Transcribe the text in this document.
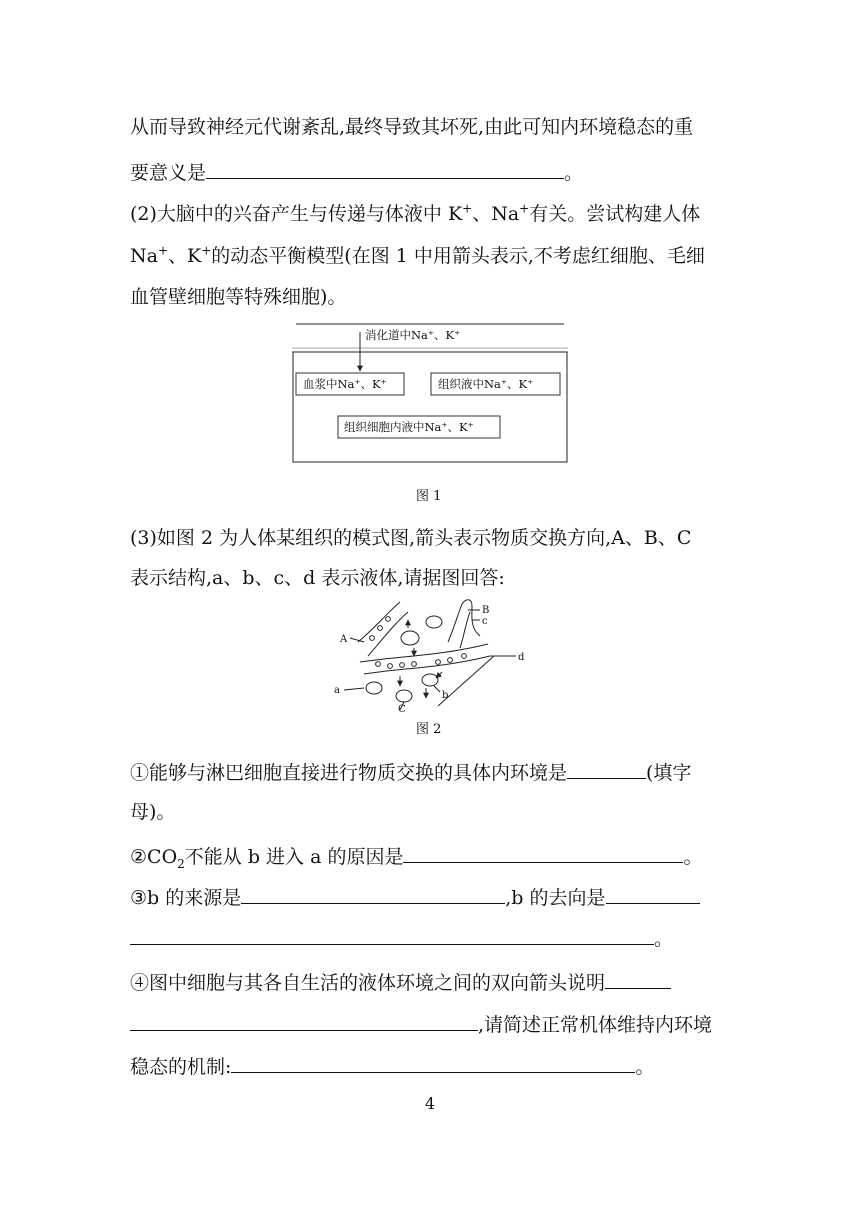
从而导致神经元代谢紊乱,最终导致其坏死,由此可知内环境稳态的重
要意义是	。
(2)大脑中的兴奋产生与传递与体液中 K+、Na+有关。尝试构建人体
Na+、K+的动态平衡模型(在图 1 中用箭头表示,不考虑红细胞、毛细
血管壁细胞等特殊细胞)。
消化道中Na⁺、K⁺
血浆中Na⁺、K⁺	组织液中Na⁺、K⁺
组织细胞内液中Na⁺、K⁺
图 1
(3)如图 2 为人体某组织的模式图,箭头表示物质交换方向,A、B、C
表示结构,a、b、c、d 表示液体,请据图回答:
A
B
c
d
a	b
C
图 2
①能够与淋巴细胞直接进行物质交换的具体内环境是	(填字
母)。
$②CO_2$不能从 b 进入 a 的原因是	。
③b 的来源是	,b 的去向是
。
④图中细胞与其各自生活的液体环境之间的双向箭头说明
,请简述正常机体维持内环境
稳态的机制:	。
4
